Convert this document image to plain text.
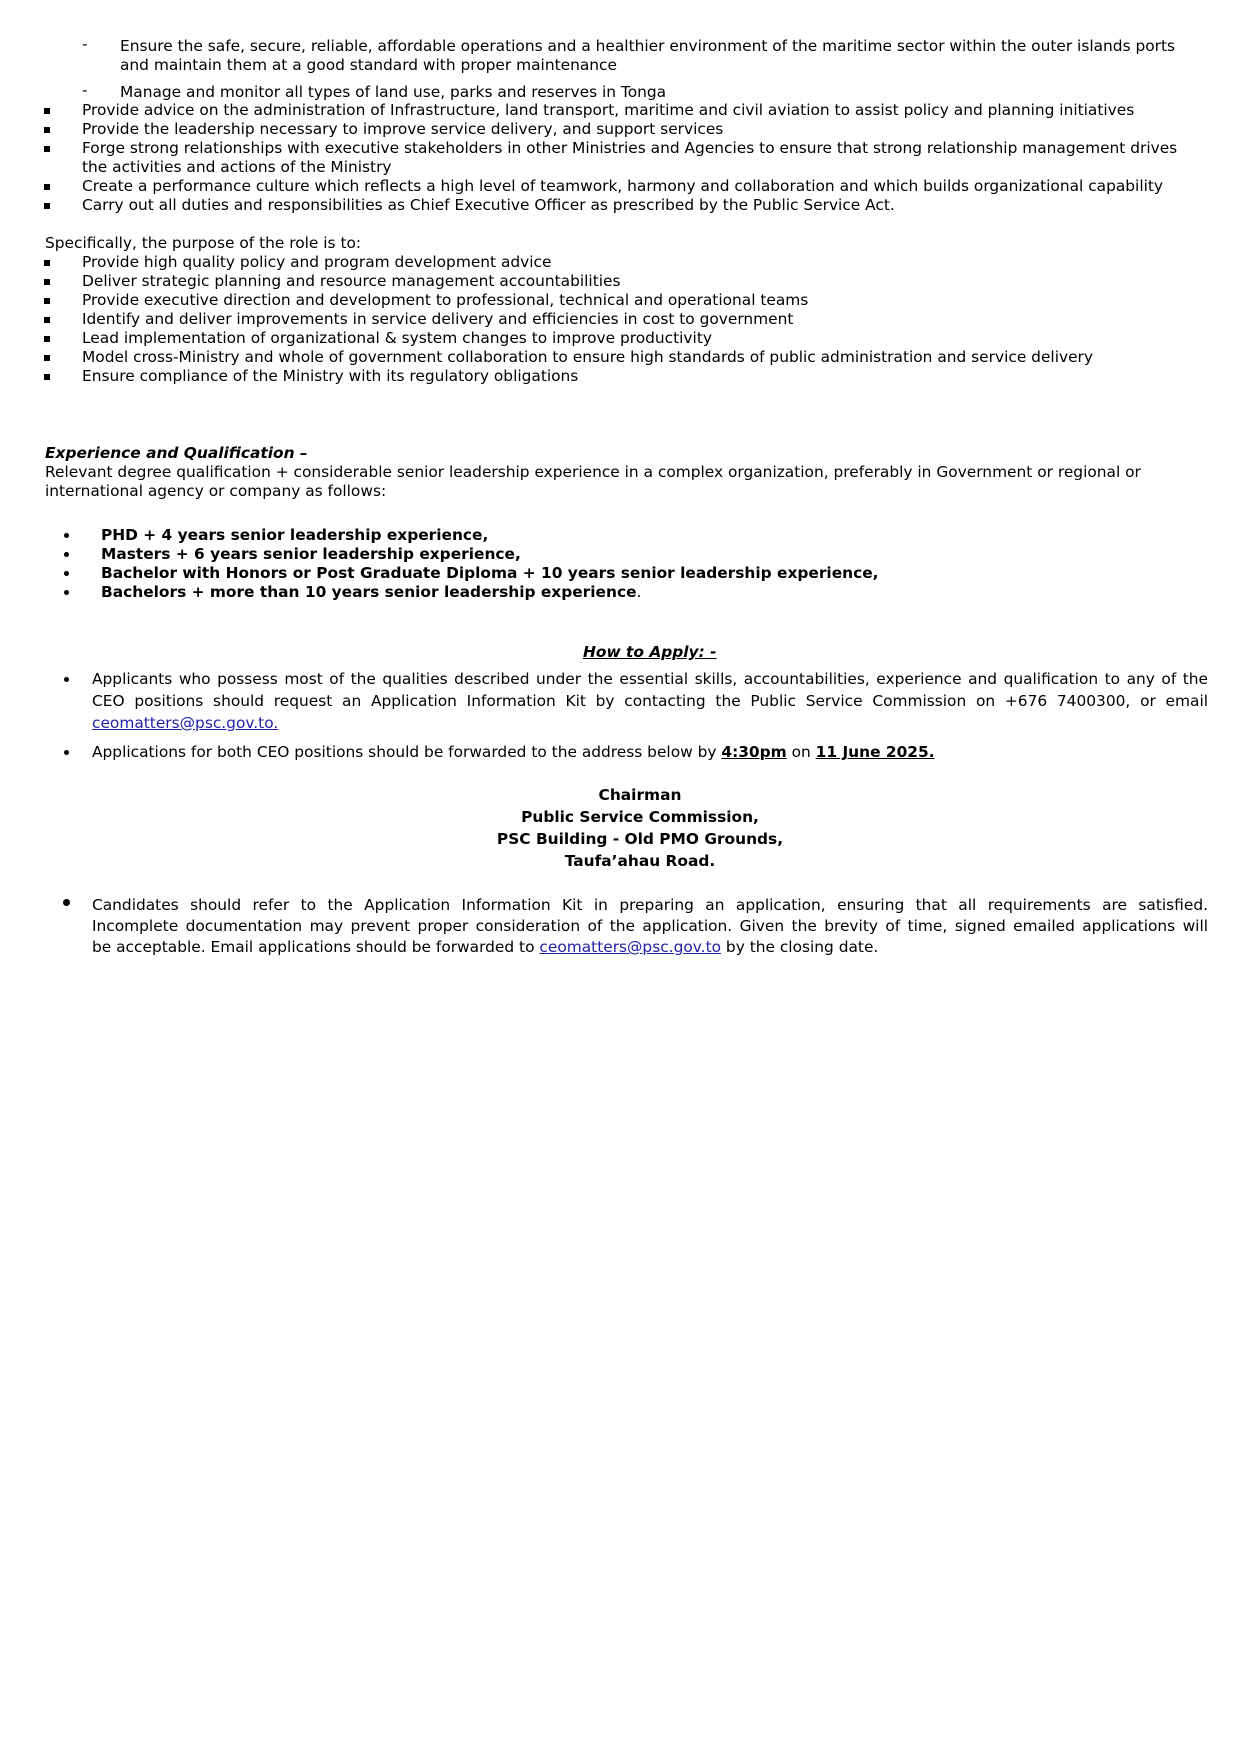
- Ensure the safe, secure, reliable, affordable operations and a healthier environment of the maritime sector within the outer islands ports
and maintain them at a good standard with proper maintenance
- Manage and monitor all types of land use, parks and reserves in Tonga
Provide advice on the administration of Infrastructure, land transport, maritime and civil aviation to assist policy and planning initiatives
Provide the leadership necessary to improve service delivery, and support services
Forge strong relationships with executive stakeholders in other Ministries and Agencies to ensure that strong relationship management drives
the activities and actions of the Ministry
Create a performance culture which reflects a high level of teamwork, harmony and collaboration and which builds organizational capability
Carry out all duties and responsibilities as Chief Executive Officer as prescribed by the Public Service Act.
Specifically, the purpose of the role is to:
Provide high quality policy and program development advice
Deliver strategic planning and resource management accountabilities
Provide executive direction and development to professional, technical and operational teams
Identify and deliver improvements in service delivery and efficiencies in cost to government
Lead implementation of organizational & system changes to improve productivity
Model cross-Ministry and whole of government collaboration to ensure high standards of public administration and service delivery
Ensure compliance of the Ministry with its regulatory obligations
Experience and Qualification –
Relevant degree qualification + considerable senior leadership experience in a complex organization, preferably in Government or regional or
international agency or company as follows:
PHD + 4 years senior leadership experience,
Masters + 6 years senior leadership experience,
Bachelor with Honors or Post Graduate Diploma + 10 years senior leadership experience,
Bachelors + more than 10 years senior leadership experience.
How to Apply: -
Applicants who possess most of the qualities described under the essential skills, accountabilities, experience and qualification to any of the
CEO positions should request an Application Information Kit by contacting the Public Service Commission on +676 7400300, or email
ceomatters@psc.gov.to.
Applications for both CEO positions should be forwarded to the address below by 4:30pm on 11 June 2025.
Chairman
Public Service Commission,
PSC Building - Old PMO Grounds,
Taufa’ahau Road.
Candidates should refer to the Application Information Kit in preparing an application, ensuring that all requirements are satisfied.
Incomplete documentation may prevent proper consideration of the application. Given the brevity of time, signed emailed applications will
be acceptable. Email applications should be forwarded to ceomatters@psc.gov.to by the closing date.
